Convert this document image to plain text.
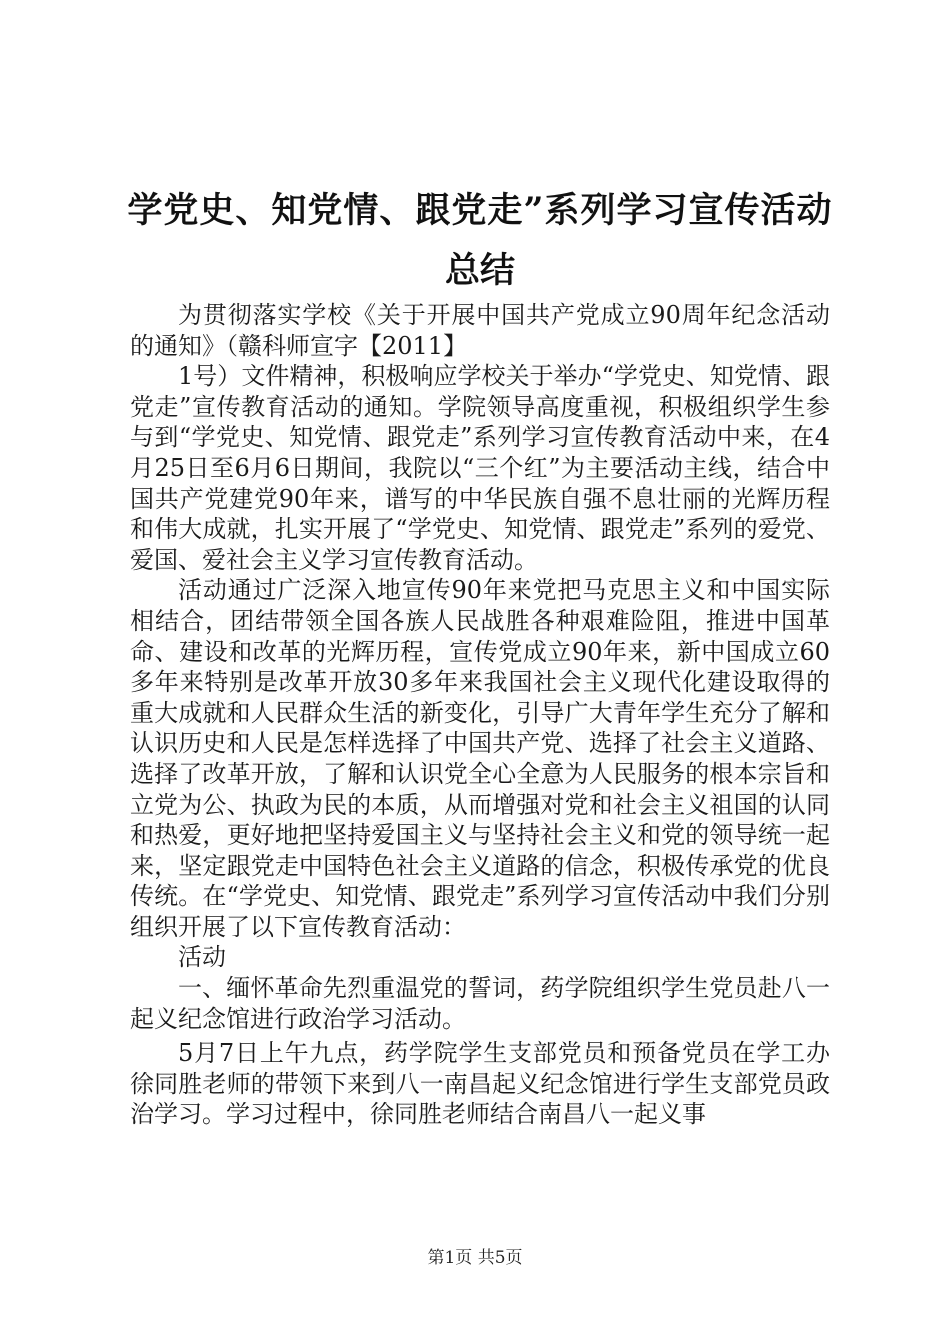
学党史、知党情、跟党走”系列学习宣传活动
总结

为贯彻落实学校《关于开展中国共产党成立90周年纪念活动的通知》（赣科师宣字【2011】

1号）文件精神，积极响应学校关于举办“学党史、知党情、跟党走”宣传教育活动的通知。学院领导高度重视，积极组织学生参与到“学党史、知党情、跟党走”系列学习宣传教育活动中来，在4月25日至6月6日期间，我院以“三个红”为主要活动主线，结合中国共产党建党90年来，谱写的中华民族自强不息壮丽的光辉历程和伟大成就，扎实开展了“学党史、知党情、跟党走”系列的爱党、爱国、爱社会主义学习宣传教育活动。

活动通过广泛深入地宣传90年来党把马克思主义和中国实际相结合，团结带领全国各族人民战胜各种艰难险阻，推进中国革命、建设和改革的光辉历程，宣传党成立90年来，新中国成立60多年来特别是改革开放30多年来我国社会主义现代化建设取得的重大成就和人民群众生活的新变化，引导广大青年学生充分了解和认识历史和人民是怎样选择了中国共产党、选择了社会主义道路、选择了改革开放，了解和认识党全心全意为人民服务的根本宗旨和立党为公、执政为民的本质，从而增强对党和社会主义祖国的认同和热爱，更好地把坚持爱国主义与坚持社会主义和党的领导统一起来，坚定跟党走中国特色社会主义道路的信念，积极传承党的优良传统。在“学党史、知党情、跟党走”系列学习宣传活动中我们分别组织开展了以下宣传教育活动：

活动

一、缅怀革命先烈重温党的誓词，药学院组织学生党员赴八一起义纪念馆进行政治学习活动。

5月7日上午九点，药学院学生支部党员和预备党员在学工办徐同胜老师的带领下来到八一南昌起义纪念馆进行学生支部党员政治学习。学习过程中，徐同胜老师结合南昌八一起义事

第1页 共5页
